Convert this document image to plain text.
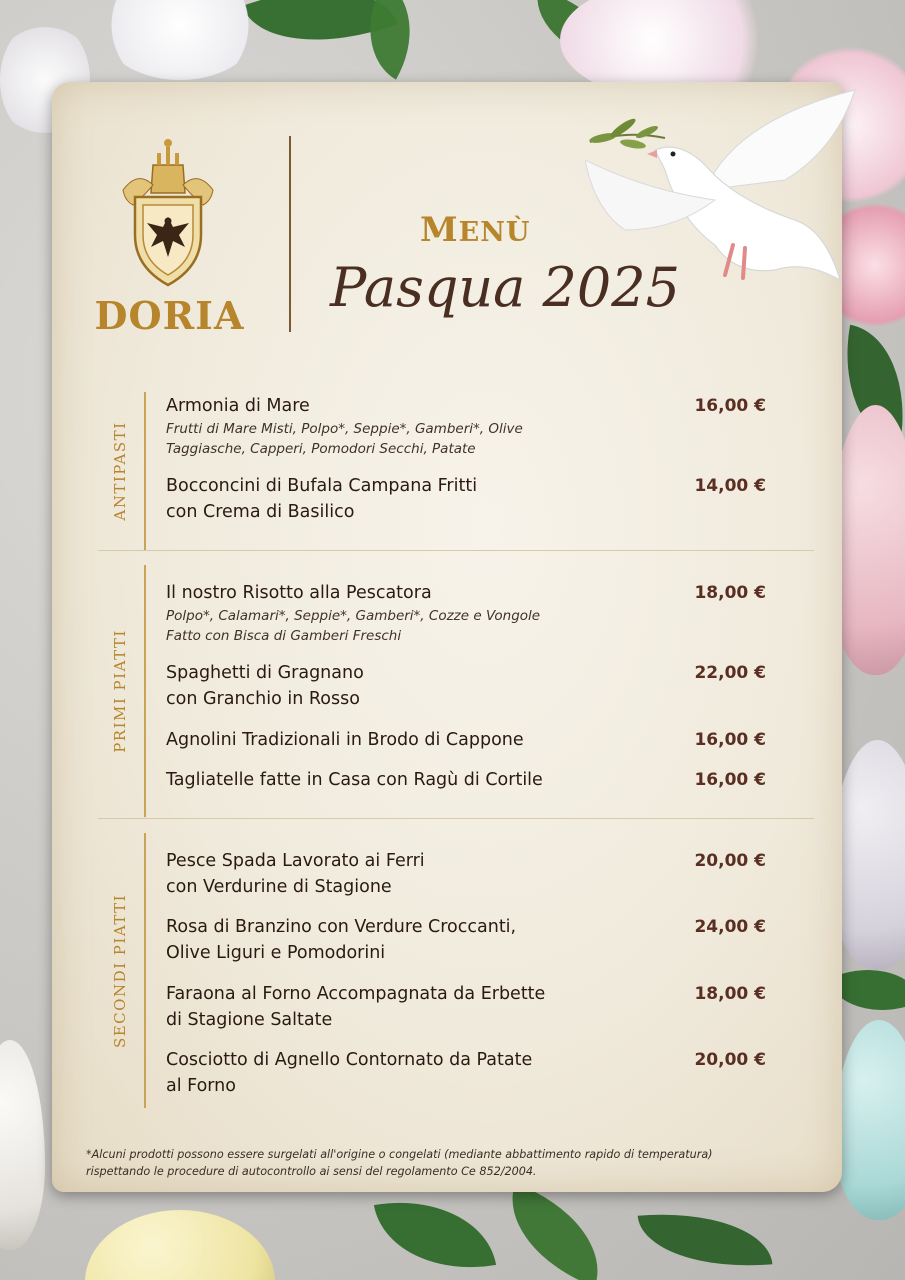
DORIA
MENÙ
Pasqua 2025
ANTIPASTI
Armonia di Mare
Frutti di Mare Misti, Polpo*, Seppie*, Gamberi*, Olive
Taggiasche, Capperi, Pomodori Secchi, Patate
16,00 €
Bocconcini di Bufala Campana Fritti
con Crema di Basilico
14,00 €
PRIMI PIATTI
Il nostro Risotto alla Pescatora
Polpo*, Calamari*, Seppie*, Gamberi*, Cozze e Vongole
Fatto con Bisca di Gamberi Freschi
18,00 €
Spaghetti di Gragnano
con Granchio in Rosso
22,00 €
Agnolini Tradizionali in Brodo di Cappone	16,00 €
Tagliatelle fatte in Casa con Ragù di Cortile	16,00 €
SECONDI PIATTI
Pesce Spada Lavorato ai Ferri
con Verdurine di Stagione
20,00 €
Rosa di Branzino con Verdure Croccanti,
Olive Liguri e Pomodorini
24,00 €
Faraona al Forno Accompagnata da Erbette
di Stagione Saltate
18,00 €
Cosciotto di Agnello Contornato da Patate
al Forno
20,00 €
*Alcuni prodotti possono essere surgelati all'origine o congelati (mediante abbattimento rapido di temperatura)
rispettando le procedure di autocontrollo ai sensi del regolamento Ce 852/2004.
